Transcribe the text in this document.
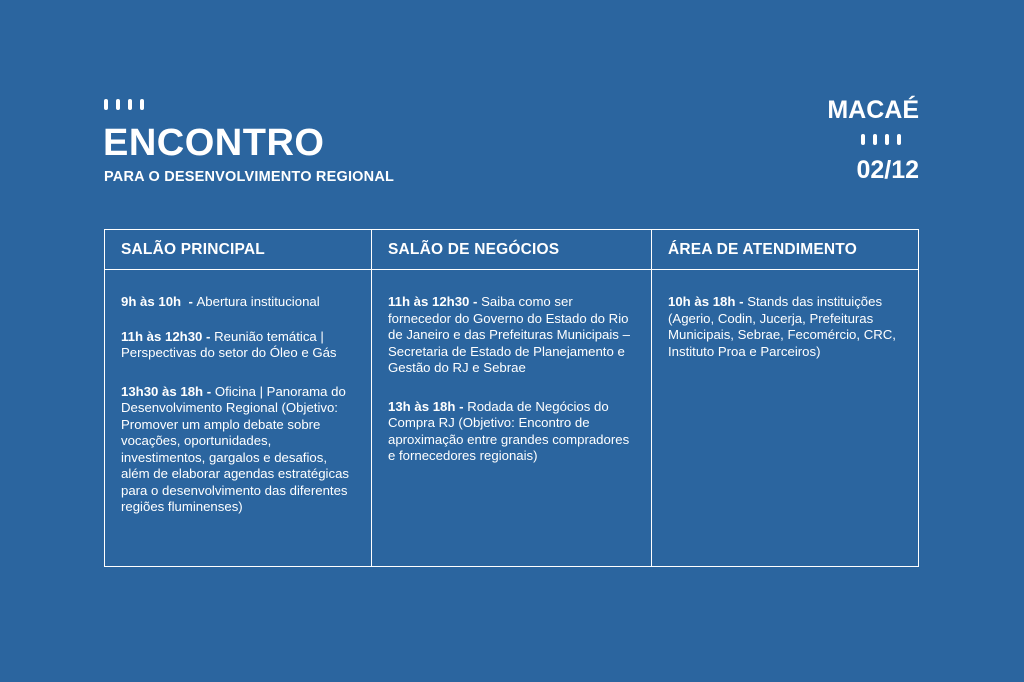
ENCONTRO
PARA O DESENVOLVIMENTO REGIONAL
MACAÉ
02/12
SALÃO PRINCIPAL	SALÃO DE NEGÓCIOS	ÁREA DE ATENDIMENTO
9h às 10h  - Abertura institucional
11h às 12h30 - Reunião temática | Perspectivas do setor do Óleo e Gás
13h30 às 18h - Oficina | Panorama do Desenvolvimento Regional (Objetivo: Promover um amplo debate sobre vocações, oportunidades, investimentos, gargalos e desafios, além de elaborar agendas estratégicas para o desenvolvimento das diferentes regiões fluminenses)
11h às 12h30 - Saiba como ser fornecedor do Governo do Estado do Rio de Janeiro e das Prefeituras Municipais – Secretaria de Estado de Planejamento e Gestão do RJ e Sebrae
13h às 18h - Rodada de Negócios do Compra RJ (Objetivo: Encontro de aproximação entre grandes compradores e fornecedores regionais)
10h às 18h - Stands das instituições (Agerio, Codin, Jucerja, Prefeituras Municipais, Sebrae, Fecomércio, CRC, Instituto Proa e Parceiros)
